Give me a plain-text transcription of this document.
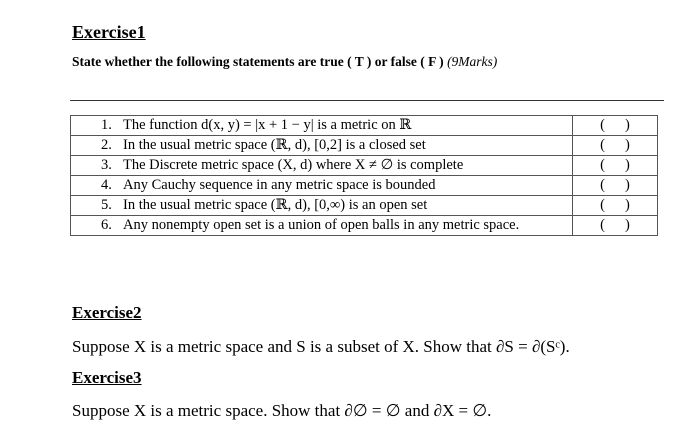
Exercise1
State whether the following statements are true ( T ) or false ( F ) (9Marks)
1. The function d(x, y) = |x + 1 − y| is a metric on ℝ	( )
2. In the usual metric space (ℝ, d), [0,2] is a closed set	( )
3. The Discrete metric space (X, d) where X ≠ ∅ is complete	( )
4. Any Cauchy sequence in any metric space is bounded	( )
5. In the usual metric space (ℝ, d), [0,∞) is an open set	( )
6. Any nonempty open set is a union of open balls in any metric space.	( )
Exercise2
Suppose X is a metric space and S is a subset of X. Show that ∂S = ∂(Sᶜ).
Exercise3
Suppose X is a metric space. Show that ∂∅ = ∅ and ∂X = ∅.
